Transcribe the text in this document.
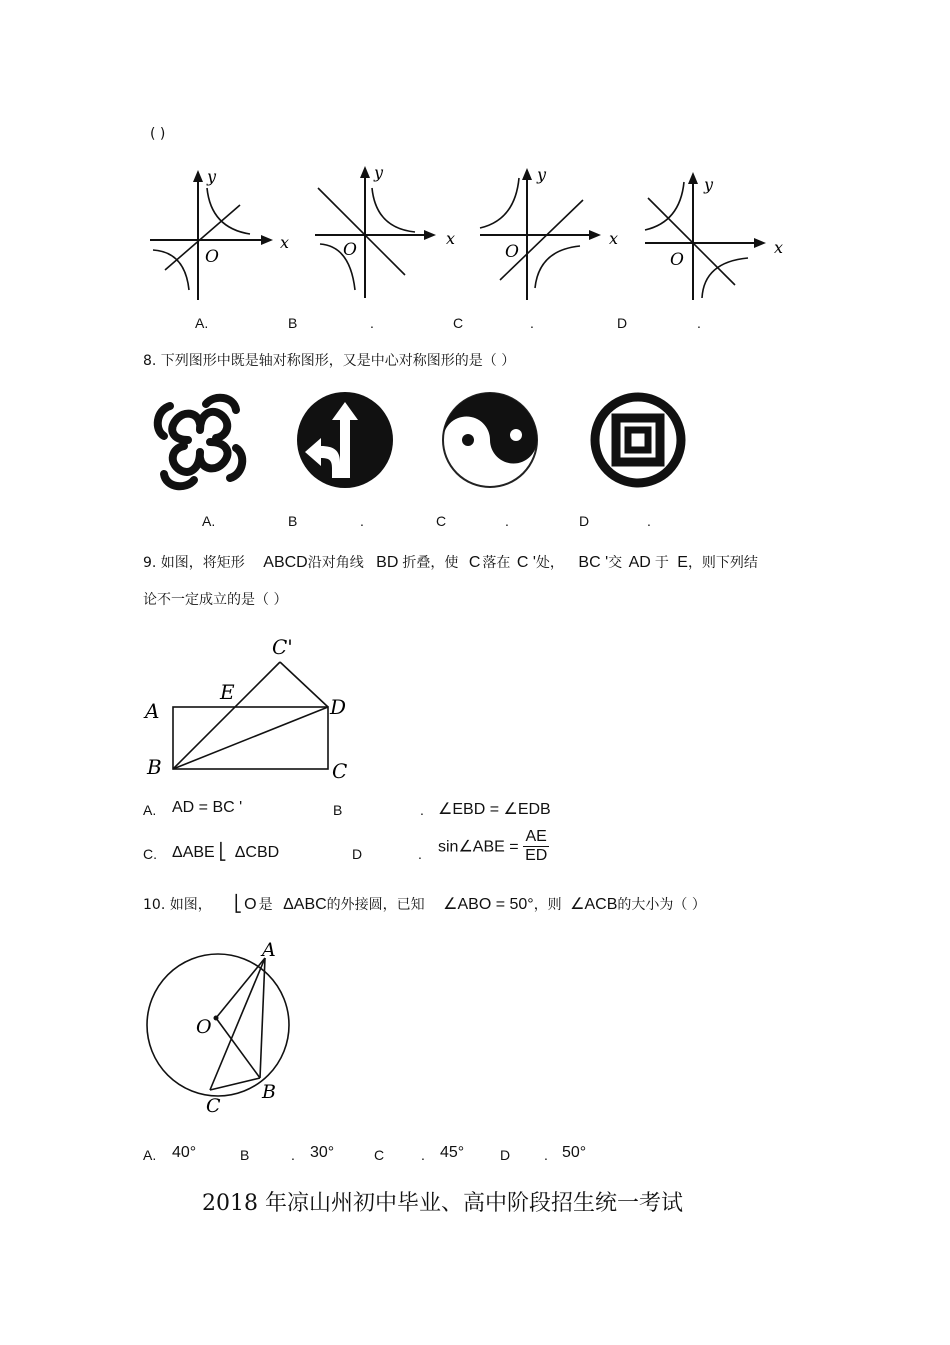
( )
y
x
O
y
x
O
y
x
O
y
x
O
A.	B	.	C	.	D	.
8. 下列图形中既是轴对称图形，又是中心对称图形的是（ ）
A.	B	.	C	.	D	.
9. 如图，将矩形 ABCD沿对角线 BD 折叠，使 C 落在 C '处， BC '交 AD 于 E，则下列结
论不一定成立的是（ ）
A
B	C
D
E
C'
A. AD = BC '	B	. ∠EBD = ∠EDB
C. ΔABE ⎣ ΔCBD	D	. sin∠ABE = $\frac{AE}{ED}$
10. 如图， ⎣ O 是 ΔABC的外接圆，已知 ∠ABO = 50°，则 ∠ACB的大小为（ ）
A
B
C
O
A. 40°	B	. 30°	C	. 45°	D . 50°
2018 年凉山州初中毕业、高中阶段招生统一考试
